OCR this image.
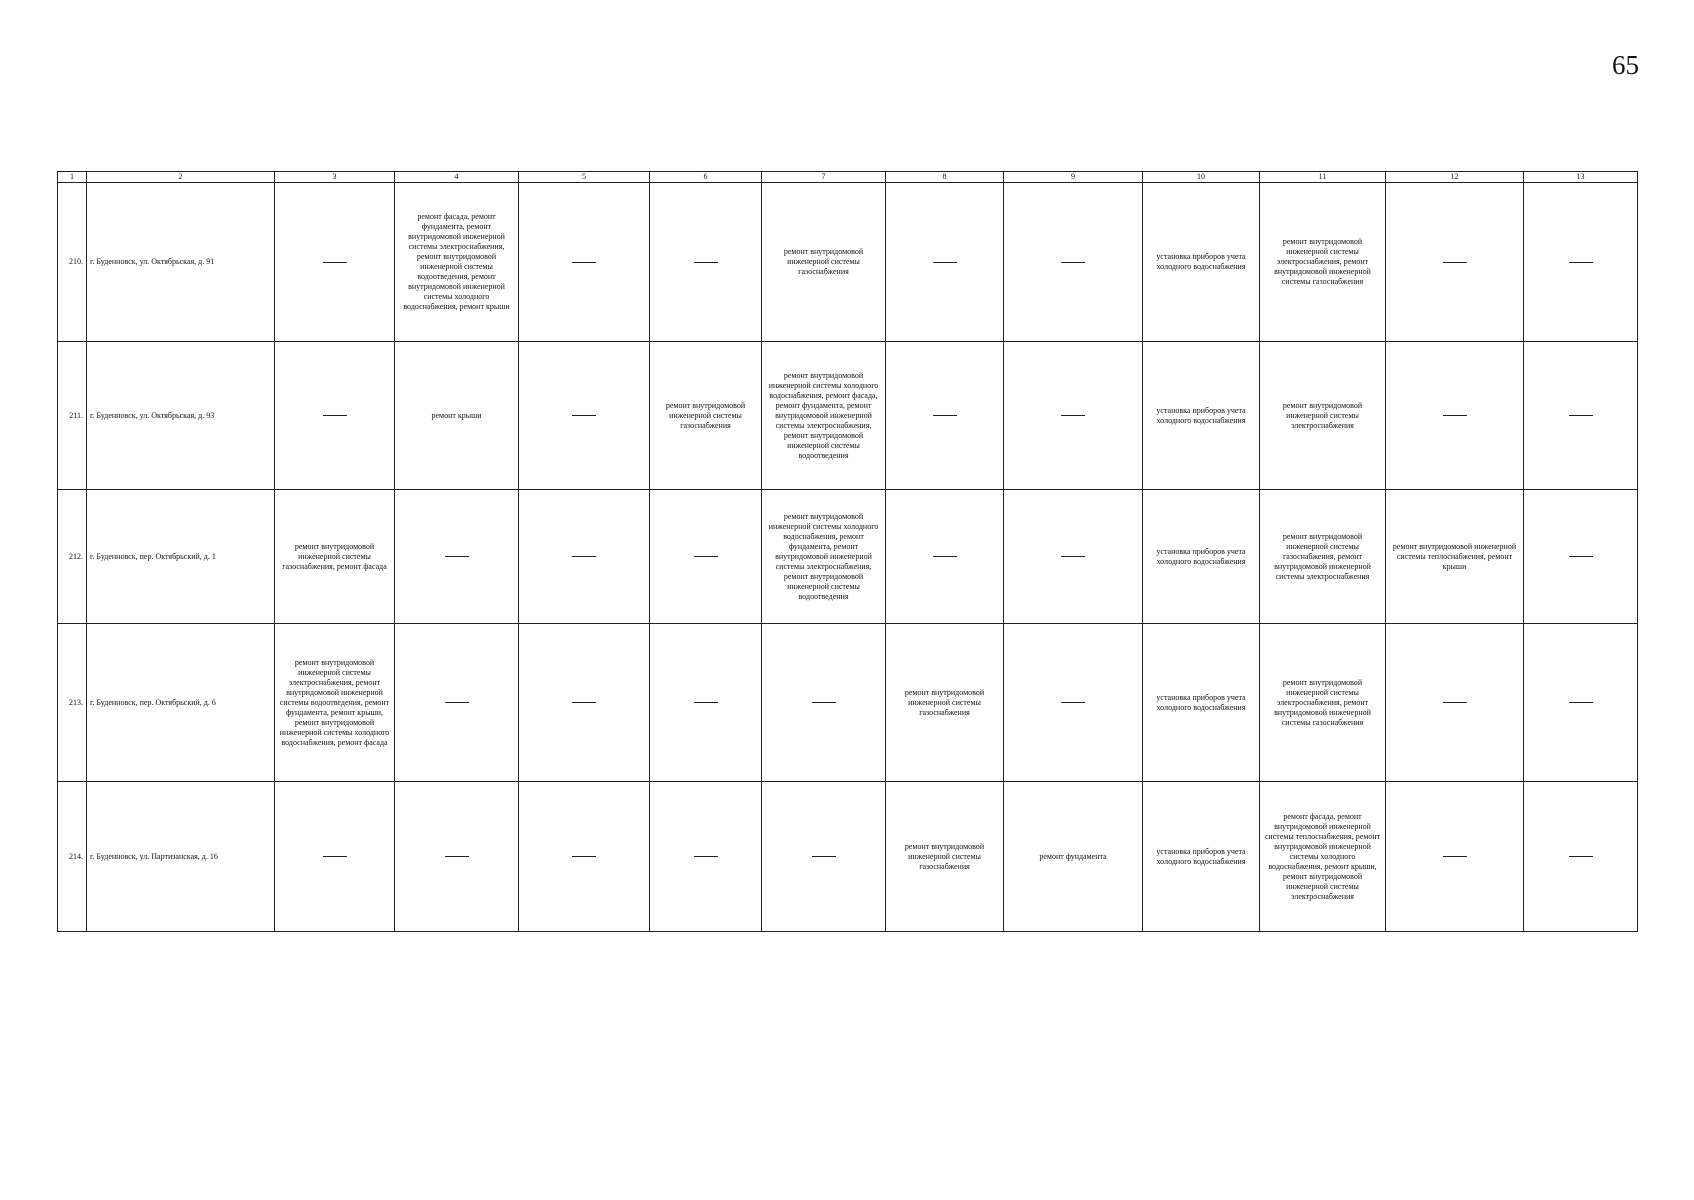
65
1	2	3	4	5	6	7	8	9	10	11	12	13
210.	г. Буденновск, ул. Октябрьская, д. 91		ремонт фасада, ремонт фундамента, ремонт внутридомовой инженерной системы электроснабжения, ремонт внутридомовой инженерной системы водоотведения, ремонт внутридомовой инженерной системы холодного водоснабжения, ремонт крыши			ремонт внутридомовой инженерной системы газоснабжения			установка приборов учета холодного водоснабжения	ремонт внутридомовой инженерной системы электроснабжения, ремонт внутридомовой инженерной системы газоснабжения		
211.	г. Буденновск, ул. Октябрьская, д. 93		ремонт крыши		ремонт внутридомовой инженерной системы газоснабжения	ремонт внутридомовой инженерной системы холодного водоснабжения, ремонт фасада, ремонт фундамента, ремонт внутридомовой инженерной системы электроснабжения, ремонт внутридомовой инженерной системы водоотведения			установка приборов учета холодного водоснабжения	ремонт внутридомовой инженерной системы электроснабжения		
212.	г. Буденновск, пер. Октябрьский, д. 1	ремонт внутридомовой инженерной системы газоснабжения, ремонт фасада				ремонт внутридомовой инженерной системы холодного водоснабжения, ремонт фундамента, ремонт внутридомовой инженерной системы электроснабжения, ремонт внутридомовой инженерной системы водоотведения			установка приборов учета холодного водоснабжения	ремонт внутридомовой инженерной системы газоснабжения, ремонт внутридомовой инженерной системы электроснабжения	ремонт внутридомовой инженерной системы теплоснабжения, ремонт крыши	
213.	г. Буденновск, пер. Октябрьский, д. 6	ремонт внутридомовой инженерной системы электроснабжения, ремонт внутридомовой инженерной системы водоотведения, ремонт фундамента, ремонт крыши, ремонт внутридомовой инженерной системы холодного водоснабжения, ремонт фасада					ремонт внутридомовой инженерной системы газоснабжения		установка приборов учета холодного водоснабжения	ремонт внутридомовой инженерной системы электроснабжения, ремонт внутридомовой инженерной системы газоснабжения		
214.	г. Буденновск, ул. Партизанская, д. 16						ремонт внутридомовой инженерной системы газоснабжения	ремонт фундамента	установка приборов учета холодного водоснабжения	ремонт фасада, ремонт внутридомовой инженерной системы теплоснабжения, ремонт внутридомовой инженерной системы холодного водоснабжения, ремонт крыши, ремонт внутридомовой инженерной системы электроснабжения		
